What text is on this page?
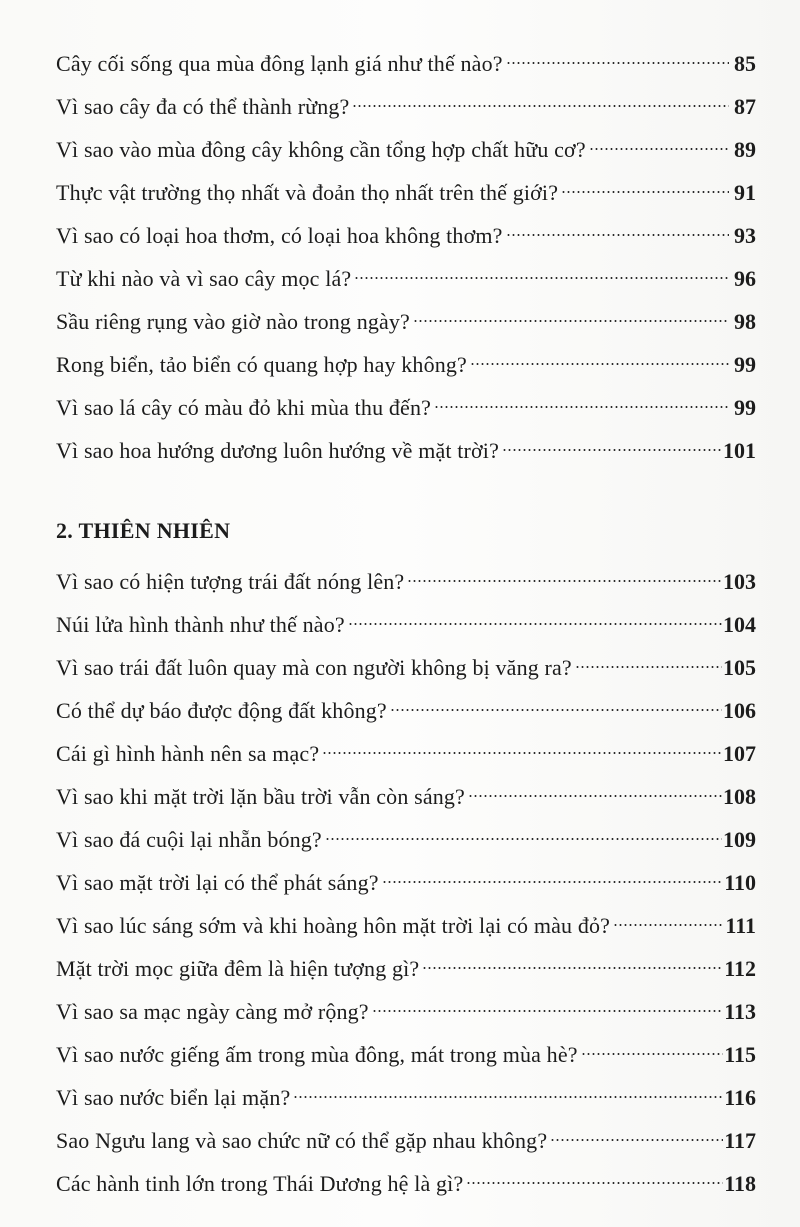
Cây cối sống qua mùa đông lạnh giá như thế nào?	85
Vì sao cây đa có thể thành rừng?	87
Vì sao vào mùa đông cây không cần tổng hợp chất hữu cơ?	89
Thực vật trường thọ nhất và đoản thọ nhất trên thế giới?	91
Vì sao có loại hoa thơm, có loại hoa không thơm?	93
Từ khi nào và vì sao cây mọc lá?	96
Sầu riêng rụng vào giờ nào trong ngày?	98
Rong biển, tảo biển có quang hợp hay không?	99
Vì sao lá cây có màu đỏ khi mùa thu đến?	99
Vì sao hoa hướng dương luôn hướng về mặt trời?	101
2. THIÊN NHIÊN
Vì sao có hiện tượng trái đất nóng lên?	103
Núi lửa hình thành như thế nào?	104
Vì sao trái đất luôn quay mà con người không bị văng ra?	105
Có thể dự báo được động đất không?	106
Cái gì hình hành nên sa mạc?	107
Vì sao khi mặt trời lặn bầu trời vẫn còn sáng?	108
Vì sao đá cuội lại nhẵn bóng?	109
Vì sao mặt trời lại có thể phát sáng?	110
Vì sao lúc sáng sớm và khi hoàng hôn mặt trời lại có màu đỏ?	111
Mặt trời mọc giữa đêm là hiện tượng gì?	112
Vì sao sa mạc ngày càng mở rộng?	113
Vì sao nước giếng ấm trong mùa đông, mát trong mùa hè?	115
Vì sao nước biển lại mặn?	116
Sao Ngưu lang và sao chức nữ có thể gặp nhau không?	117
Các hành tinh lớn trong Thái Dương hệ là gì?	118
